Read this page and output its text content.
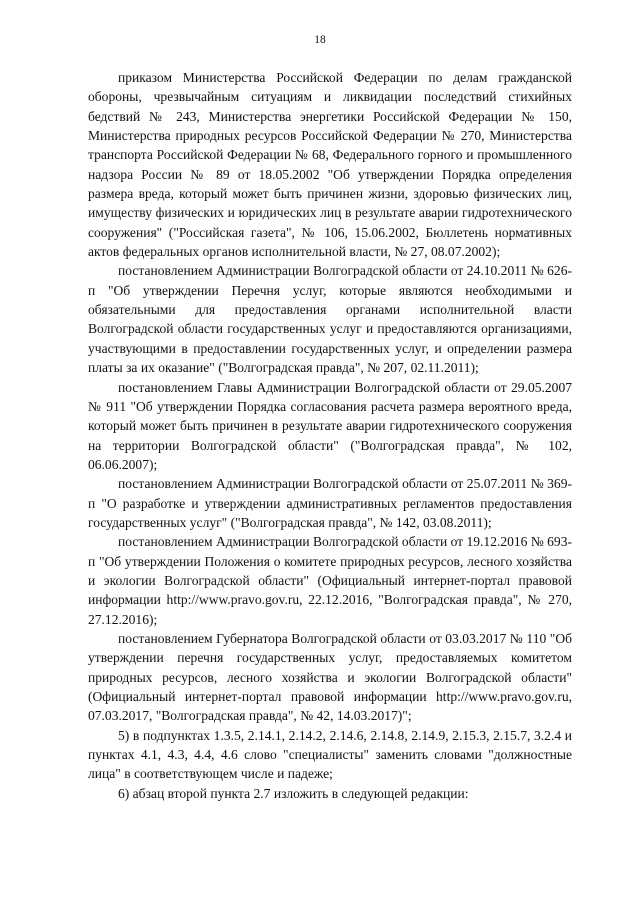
18

приказом Министерства Российской Федерации по делам гражданской обороны, чрезвычайным ситуациям и ликвидации последствий стихийных бедствий № 243, Министерства энергетики Российской Федерации № 150, Министерства природных ресурсов Российской Федерации № 270, Министерства транспорта Российской Федерации № 68, Федерального горного и промышленного надзора России № 89 от 18.05.2002 "Об утверждении Порядка определения размера вреда, который может быть причинен жизни, здоровью физических лиц, имуществу физических и юридических лиц в результате аварии гидротехнического сооружения" ("Российская газета", № 106, 15.06.2002, Бюллетень нормативных актов федеральных органов исполнительной власти, № 27, 08.07.2002);

постановлением Администрации Волгоградской области от 24.10.2011 № 626-п "Об утверждении Перечня услуг, которые являются необходимыми и обязательными для предоставления органами исполнительной власти Волгоградской области государственных услуг и предоставляются организациями, участвующими в предоставлении государственных услуг, и определении размера платы за их оказание" ("Волгоградская правда", № 207, 02.11.2011);

постановлением Главы Администрации Волгоградской области от 29.05.2007 № 911 "Об утверждении Порядка согласования расчета размера вероятного вреда, который может быть причинен в результате аварии гидротехнического сооружения на территории Волгоградской области" ("Волгоградская правда", № 102, 06.06.2007);

постановлением Администрации Волгоградской области от 25.07.2011 № 369-п "О разработке и утверждении административных регламентов предоставления государственных услуг" ("Волгоградская правда", № 142, 03.08.2011);

постановлением Администрации Волгоградской области от 19.12.2016 № 693-п "Об утверждении Положения о комитете природных ресурсов, лесного хозяйства и экологии Волгоградской области" (Официальный интернет-портал правовой информации http://www.pravo.gov.ru, 22.12.2016, "Волгоградская правда", № 270, 27.12.2016);

постановлением Губернатора Волгоградской области от 03.03.2017 № 110 "Об утверждении перечня государственных услуг, предоставляемых комитетом природных ресурсов, лесного хозяйства и экологии Волгоградской области" (Официальный интернет-портал правовой информации http://www.pravo.gov.ru, 07.03.2017, "Волгоградская правда", № 42, 14.03.2017)";

5) в подпунктах 1.3.5, 2.14.1, 2.14.2, 2.14.6, 2.14.8, 2.14.9, 2.15.3, 2.15.7, 3.2.4 и пунктах 4.1, 4.3, 4.4, 4.6 слово "специалисты" заменить словами "должностные лица" в соответствующем числе и падеже;

6) абзац второй пункта 2.7 изложить в следующей редакции:
